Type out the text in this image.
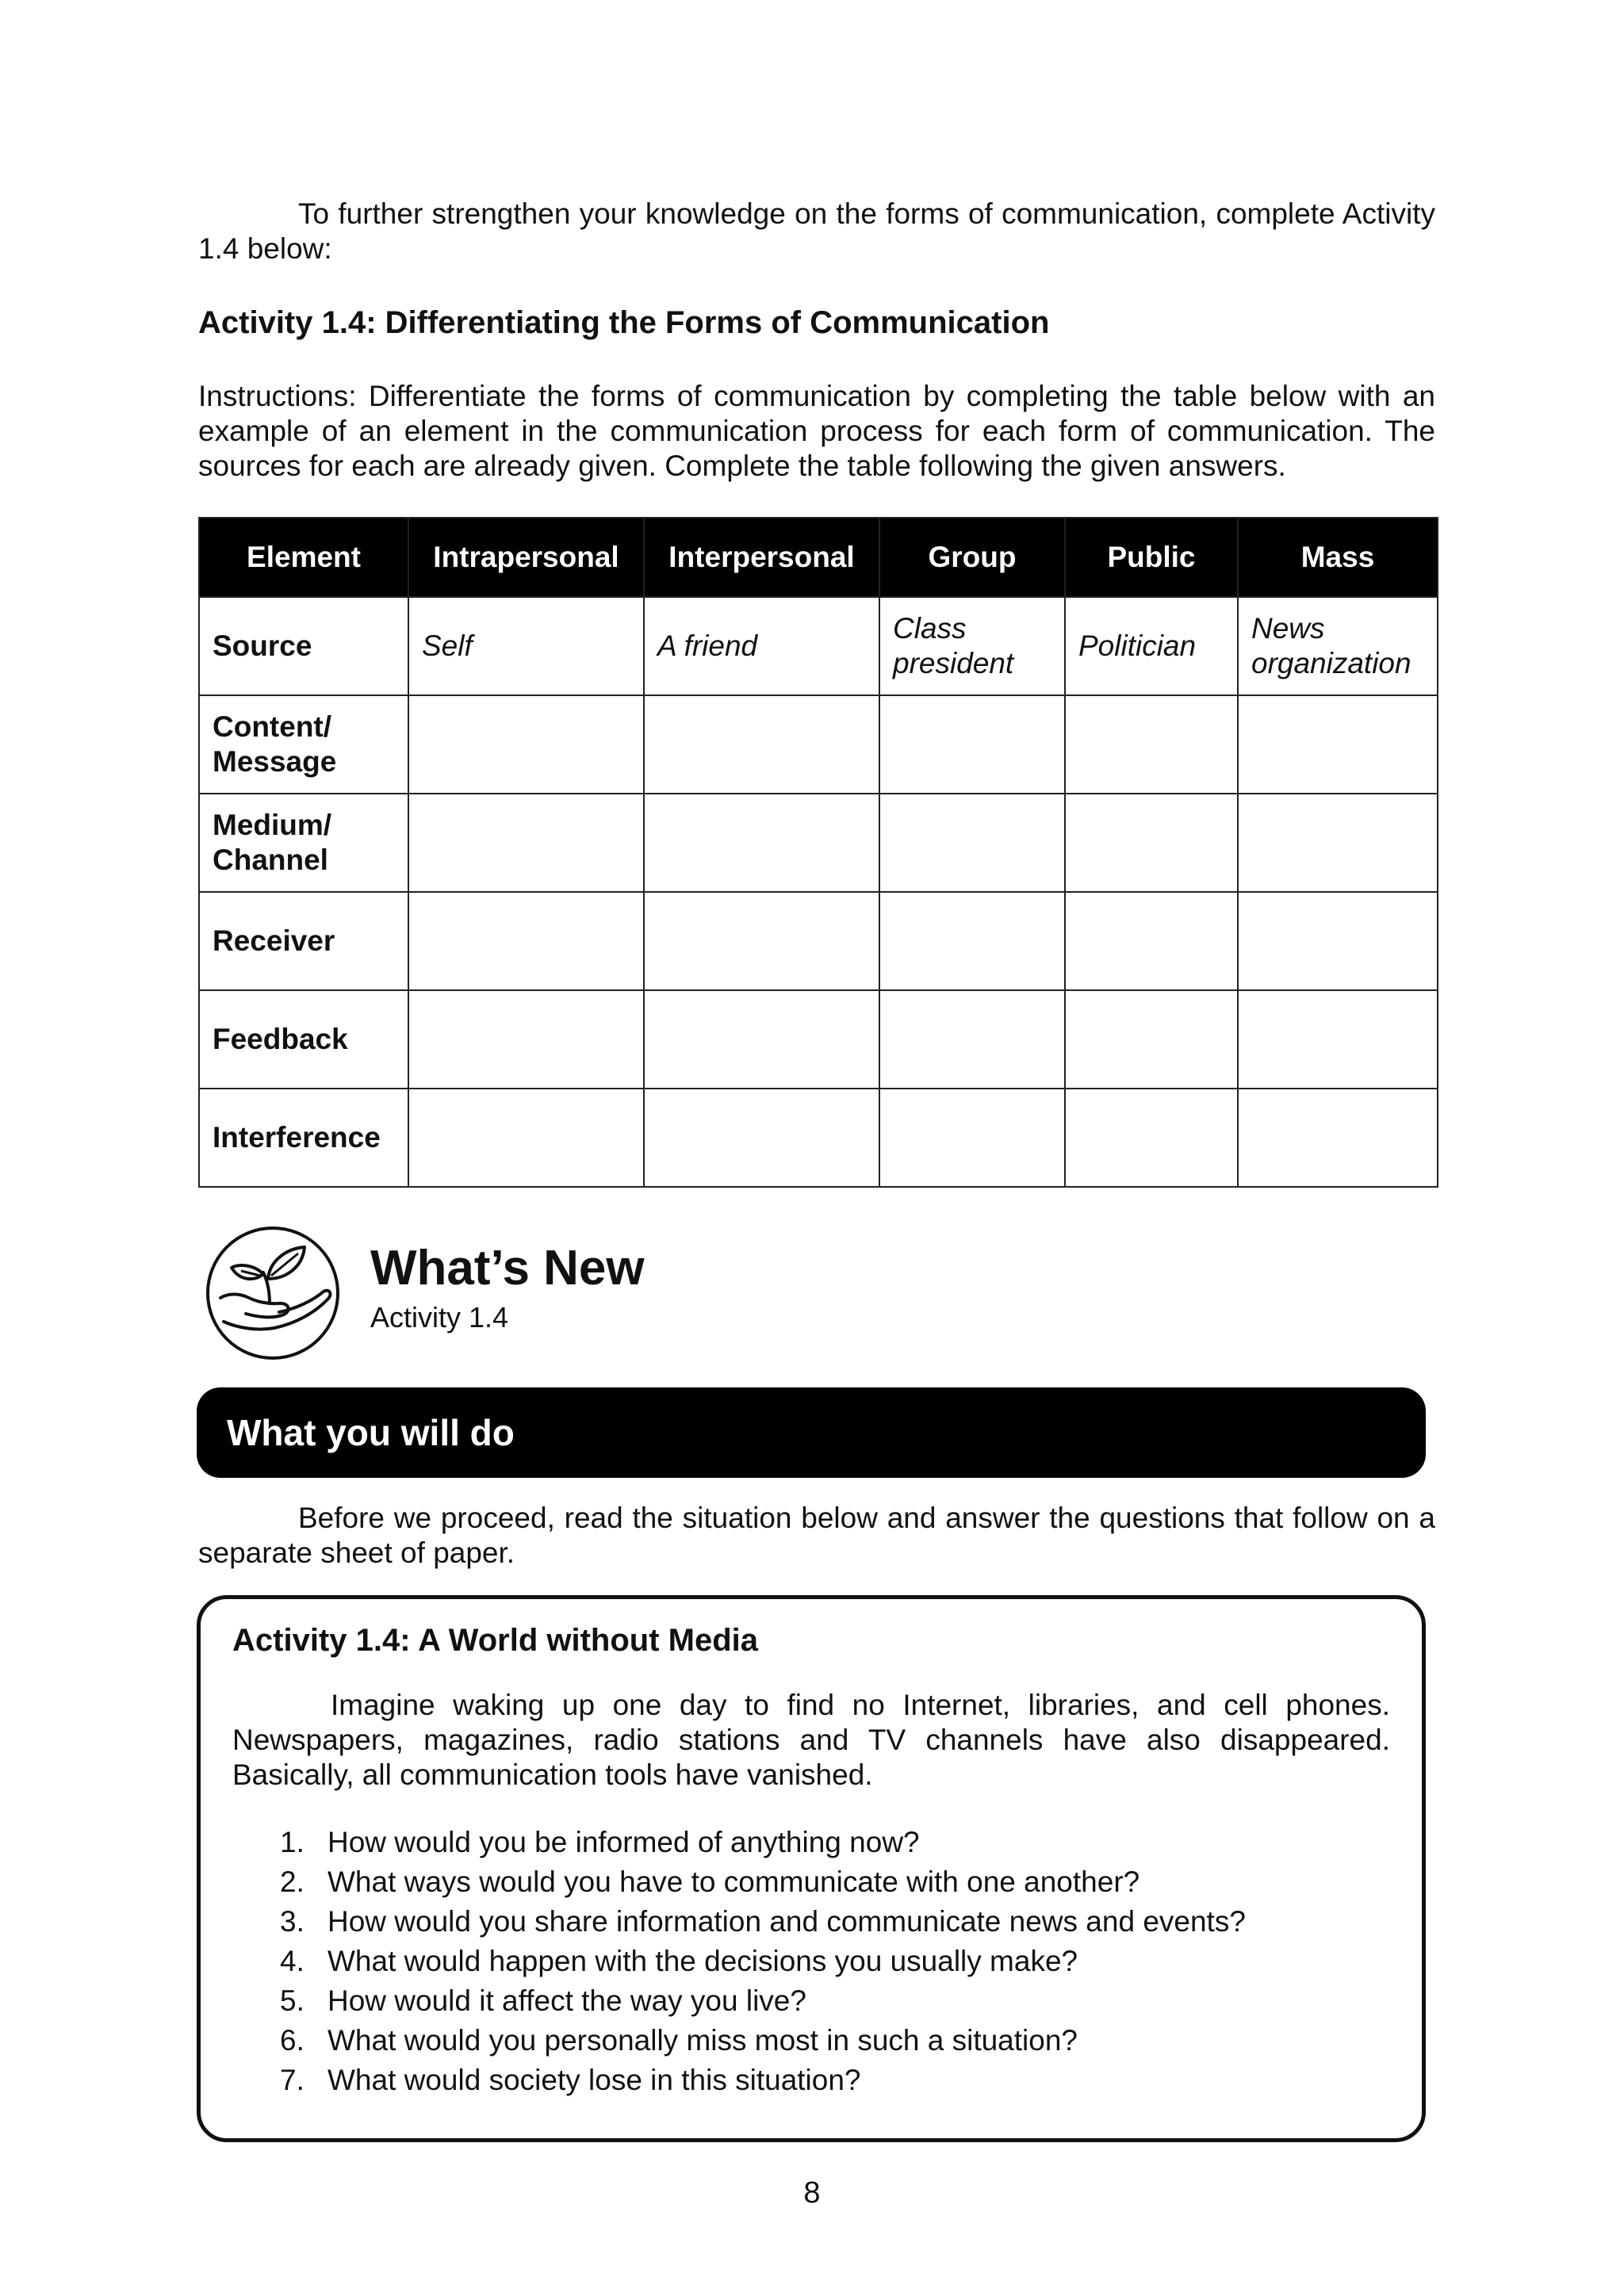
To further strengthen your knowledge on the forms of communication, complete Activity 1.4 below:
Activity 1.4: Differentiating the Forms of Communication
Instructions: Differentiate the forms of communication by completing the table below with an example of an element in the communication process for each form of communication. The sources for each are already given. Complete the table following the given answers.
Element	Intrapersonal	Interpersonal	Group	Public	Mass
Source	Self	A friend	Class president	Politician	News organization
Content/ Message					
Medium/ Channel					
Receiver					
Feedback					
Interference					
What’s New
Activity 1.4
What you will do
Before we proceed, read the situation below and answer the questions that follow on a separate sheet of paper.
Activity 1.4: A World without Media
Imagine waking up one day to find no Internet, libraries, and cell phones. Newspapers, magazines, radio stations and TV channels have also disappeared. Basically, all communication tools have vanished.
1. How would you be informed of anything now?
2. What ways would you have to communicate with one another?
3. How would you share information and communicate news and events?
4. What would happen with the decisions you usually make?
5. How would it affect the way you live?
6. What would you personally miss most in such a situation?
7. What would society lose in this situation?
8
